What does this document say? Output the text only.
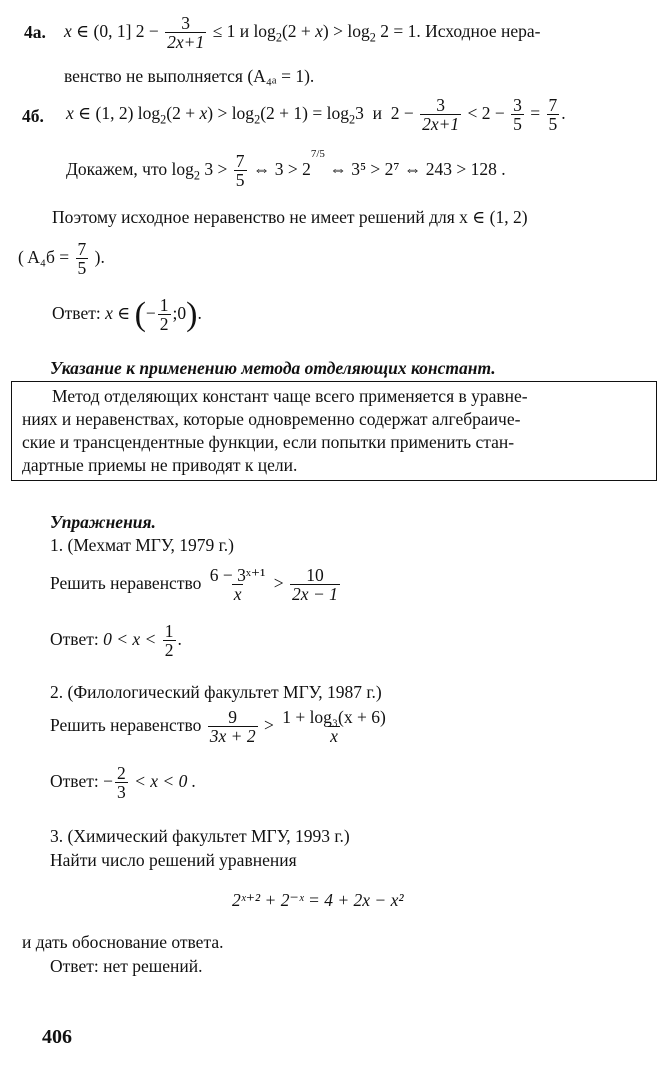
4a. x ∈ (0, 1] $2 - \frac{3}{2x+1} \le 1$ и $\log_2(2 + x) > \log_2 2 = 1$. Исходное нера-
венство не выполняется (A₄ₐ = 1).
4б. x ∈ (1, 2) $\log_2(2 + x) > \log_2(2 + 1) = \log_23$  и  $2 - \frac{3}{2x+1} < 2 - \frac{3}{5} = \frac{7}{5}$ .
Докажем, что $\log_2 3 > \frac{7}{5}$ ⇔ $3 > 2^{7/5}$ ⇔ 3⁵ > 2⁷ ⇔ 243 > 128 .
Поэтому исходное неравенство не имеет решений для x ∈ (1, 2)
( $A_4б = \frac{7}{5}$ ).
Ответ: x ∈ (− $\frac{1}{2}$ ;0).
Указание к применению метода отделяющих констант.
Метод отделяющих констант чаще всего применяется в уравне-
ниях и неравенствах, которые одновременно содержат алгебраиче-
ские и трансцендентные функции, если попытки применить стан-
дартные приемы не приводят к цели.
Упражнения.
1. (Мехмат МГУ, 1979 г.)
Решить неравенство $\frac{\text{6 − 3ˣ⁺¹}}{x} > \frac{10}{2x - 1}$
Ответ: $0 < x < \frac{1}{2}$ .
2. (Филологический факультет МГУ, 1987 г.)
Решить неравенство $\frac{9}{3x + 2} > \frac{\text{1 + log₃(x + 6)}}{x}$
Ответ: − $\frac{2}{3} < x < 0$ .
3. (Химический факультет МГУ, 1993 г.)
Найти число решений уравнения
2ˣ⁺² + 2⁻ˣ = 4 + 2x − x²
и дать обоснование ответа.
Ответ: нет решений.
406
